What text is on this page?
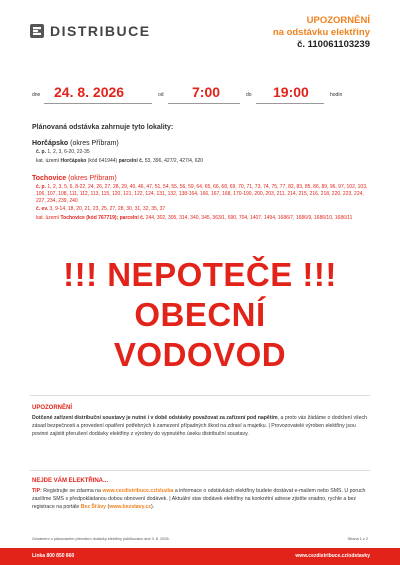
DISTRIBUCE
UPOZORNĚNÍ
na odstávku elektřiny
č. 110061103239
dne 24. 8. 2026	od 7:00	do 19:00	hodin
Plánovaná odstávka zahrnuje tyto lokality:
Horčápsko (okres Příbram)
č. p. 1, 2, 3, 6-20, 22-35
kat. území Horčápsko (kód 641944) parcelní č. 53, 396, 427/2, 427/4, 620
Tochovice (okres Příbram)
č. p. 1, 2, 3, 5, 6, 8-22, 24, 26, 27, 28, 29, 40, 46, 47, 51, 54, 55, 56, 59, 64, 65, 66, 68, 69, 70, 71, 73, 74, 75, 77, 82, 83, 85, 86, 89, 96, 97, 102, 103, 106, 107, 108, 111, 112, 113, 115, 120, 121, 122, 124, 131, 132, 138-164, 166, 167, 168, 170-190, 200, 203, 211, 214, 215, 216, 218, 220, 223, 224, 227, 234, 239, 240
č. ev. 3, 9-14, 18, 20, 21, 23, 25, 27, 28, 30, 31, 32, 35, 37
kat. území Tochovice (kód 767719); parcelní č. 244, 302, 305, 314, 340, 345, 363/1, 690, 704, 1407, 1494, 1686/7, 1686/9, 1686/10, 1686/11
!!! NEPOTEČE !!!
OBECNÍ
VODOVOD
UPOZORNĚNÍ
Dotčené zařízení distribuční soustavy je nutné i v době odstávky považovat za zařízení pod napětím, a proto vás žádáme o dodržení všech zásad bezpečnosti a provedení opatření potřebných k zamezení případných škod na zdraví a majetku. | Provozovatelé výroben elektřiny jsou povinni zajistit přerušení dodávky elektřiny z výrobny do vypnutého úseku distribuční soustavy.
NEJDE VÁM ELEKTŘINA...
TIP: Registrujte se zdarma na www.cezdistribuce.cz/sluzba a informace o odstávkách elektřiny budete dostávat e-mailem nebo SMS. U poruch zasílíme SMS s předpokládanou dobou obnovení dodávek. | Aktuální stav dodávek elektřiny na konkrétní adrese zjistíte snadno, rychle a bez registrace na portále Bez Šťávy (www.bezstavy.cz).
Oznámení o plánovaném přerušení dodávky elektřiny publikováno dne 3. 8. 2026.	Strana 1 z 2
Linka 800 850 860	www.cezdistribuce.cz/odstavky
